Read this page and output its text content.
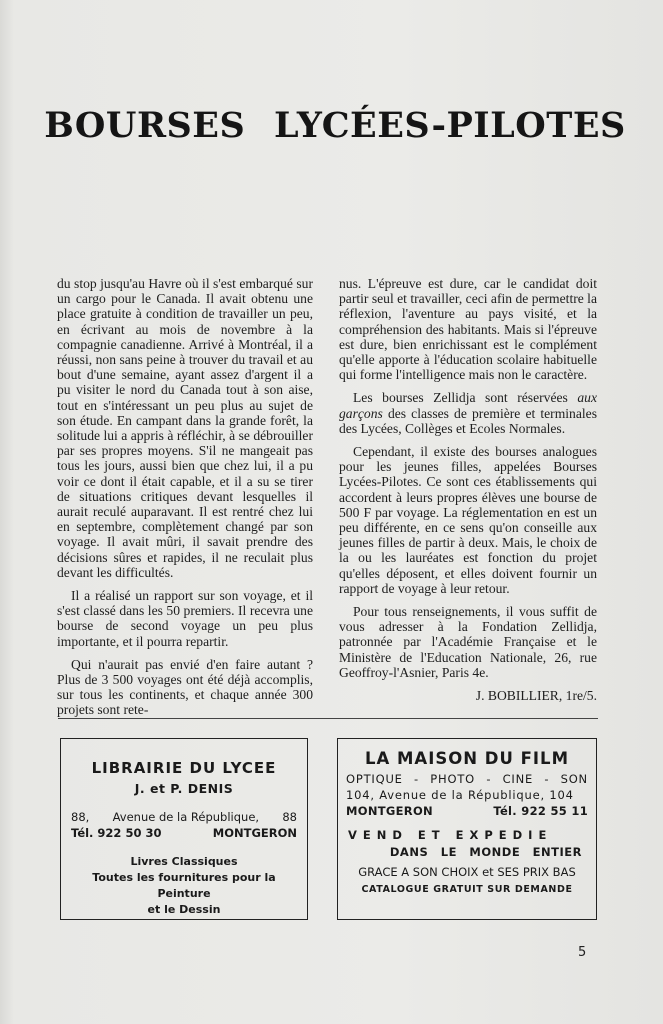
BOURSES LYCÉES-PILOTES

du stop jusqu'au Havre où il s'est embarqué sur un cargo pour le Canada. Il avait obtenu une place gratuite à condition de travailler un peu, en écrivant au mois de novembre à la compagnie canadienne. Arrivé à Montréal, il a réussi, non sans peine à trouver du travail et au bout d'une semaine, ayant assez d'argent il a pu visiter le nord du Canada tout à son aise, tout en s'intéressant un peu plus au sujet de son étude. En campant dans la grande forêt, la solitude lui a appris à réfléchir, à se débrouiller par ses propres moyens. S'il ne mangeait pas tous les jours, aussi bien que chez lui, il a pu voir ce dont il était capable, et il a su se tirer de situations critiques devant lesquelles il aurait reculé auparavant. Il est rentré chez lui en septembre, complètement changé par son voyage. Il avait mûri, il savait prendre des décisions sûres et rapides, il ne reculait plus devant les difficultés.

Il a réalisé un rapport sur son voyage, et il s'est classé dans les 50 premiers. Il recevra une bourse de second voyage un peu plus importante, et il pourra repartir.

Qui n'aurait pas envié d'en faire autant ? Plus de 3 500 voyages ont été déjà accomplis, sur tous les continents, et chaque année 300 projets sont rete-

nus. L'épreuve est dure, car le candidat doit partir seul et travailler, ceci afin de permettre la réflexion, l'aventure au pays visité, et la compréhension des habitants. Mais si l'épreuve est dure, bien enrichissant est le complément qu'elle apporte à l'éducation scolaire habituelle qui forme l'intelligence mais non le caractère.

Les bourses Zellidja sont réservées aux garçons des classes de première et terminales des Lycées, Collèges et Ecoles Normales.

Cependant, il existe des bourses analogues pour les jeunes filles, appelées Bourses Lycées-Pilotes. Ce sont ces établissements qui accordent à leurs propres élèves une bourse de 500 F par voyage. La réglementation en est un peu différente, en ce sens qu'on conseille aux jeunes filles de partir à deux. Mais, le choix de la ou les lauréates est fonction du projet qu'elles déposent, et elles doivent fournir un rapport de voyage à leur retour.

Pour tous renseignements, il vous suffit de vous adresser à la Fondation Zellidja, patronnée par l'Académie Française et le Ministère de l'Education Nationale, 26, rue Geoffroy-l'Asnier, Paris 4e.

J. BOBILLIER, 1re/5.

LIBRAIRIE DU LYCEE

J. et P. DENIS

88, Avenue de la République, 88
Tél. 922 50 30	MONTGERON

Livres Classiques

Toutes les fournitures pour la Peinture

et le Dessin

LA MAISON DU FILM

OPTIQUE - PHOTO - CINE - SON
104, Avenue de la République, 104
MONTGERON	Tél. 922 55 11

VEND ET EXPEDIE

DANS LE MONDE ENTIER

GRACE A SON CHOIX et SES PRIX BAS

CATALOGUE GRATUIT SUR DEMANDE

5
